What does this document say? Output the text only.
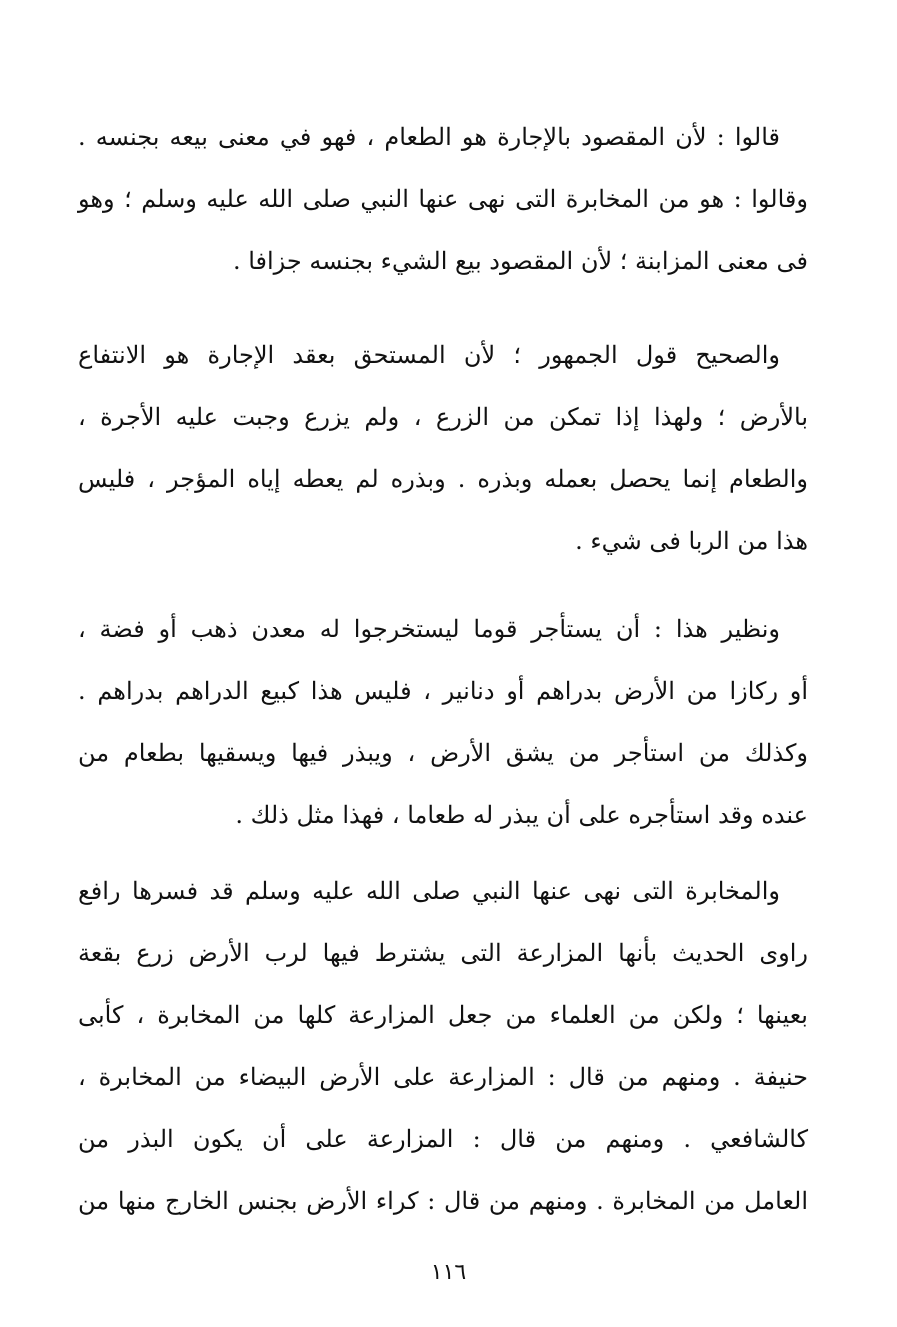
قالوا : لأن المقصود بالإجارة هو الطعام ، فهو في معنى بيعه بجنسه .
وقالوا : هو من المخابرة التى نهى عنها النبي صلى الله عليه وسلم ؛ وهو
فى معنى المزابنة ؛ لأن المقصود بيع الشيء بجنسه جزافا .
والصحيح قول الجمهور ؛ لأن المستحق بعقد الإجارة هو الانتفاع
بالأرض ؛ ولهذا إذا تمكن من الزرع ، ولم يزرع وجبت عليه الأجرة ،
والطعام إنما يحصل بعمله وبذره . وبذره لم يعطه إياه المؤجر ، فليس
هذا من الربا فى شيء .
ونظير هذا : أن يستأجر قوما ليستخرجوا له معدن ذهب أو فضة ،
أو ركازا من الأرض بدراهم أو دنانير ، فليس هذا كبيع الدراهم بدراهم .
وكذلك من استأجر من يشق الأرض ، ويبذر فيها ويسقيها بطعام من
عنده وقد استأجره على أن يبذر له طعاما ، فهذا مثل ذلك .
والمخابرة التى نهى عنها النبي صلى الله عليه وسلم قد فسرها رافع
راوى الحديث بأنها المزارعة التى يشترط فيها لرب الأرض زرع بقعة
بعينها ؛ ولكن من العلماء من جعل المزارعة كلها من المخابرة ، كأبى
حنيفة . ومنهم من قال : المزارعة على الأرض البيضاء من المخابرة ،
كالشافعي . ومنهم من قال : المزارعة على أن يكون البذر من
العامل من المخابرة . ومنهم من قال : كراء الأرض بجنس الخارج منها من
١١٦
